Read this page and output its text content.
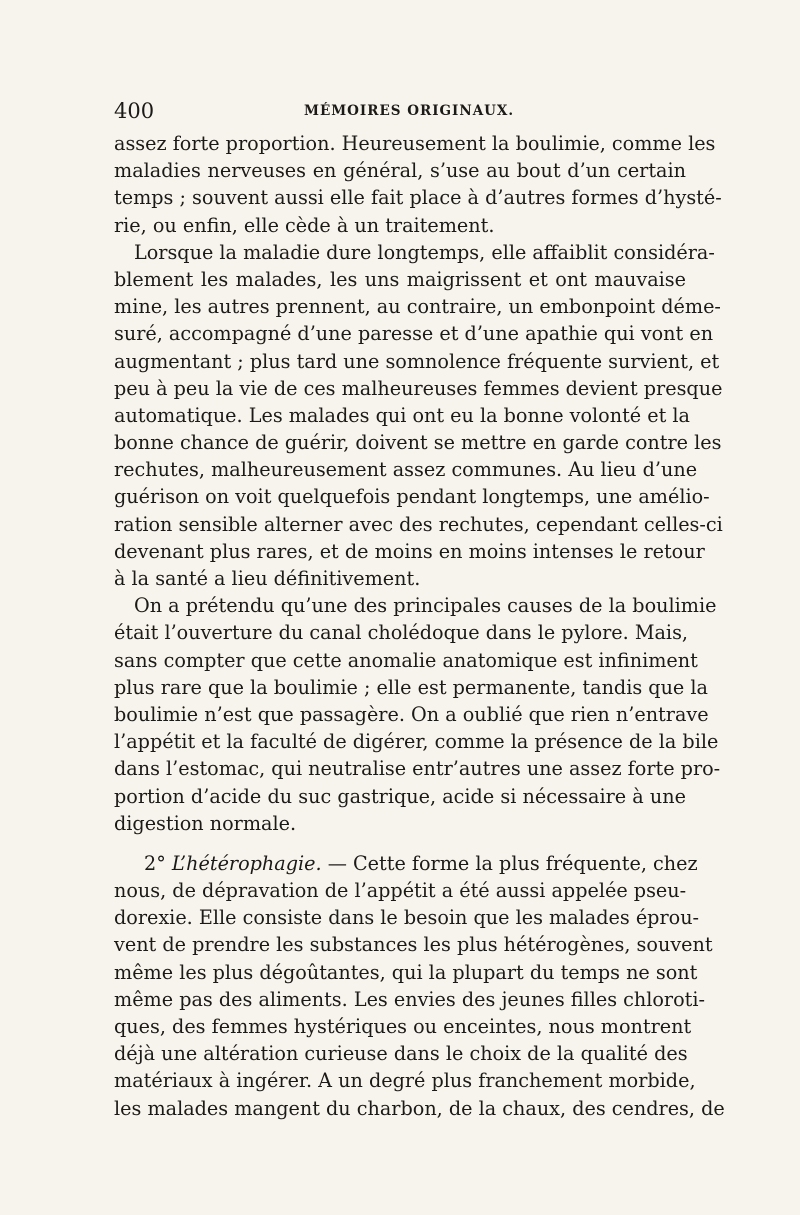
400	MÉMOIRES ORIGINAUX.
assez forte proportion. Heureusement la boulimie, comme les
maladies nerveuses en général, s’use au bout d’un certain
temps ; souvent aussi elle fait place à d’autres formes d’hysté-
rie, ou enfin, elle cède à un traitement.
Lorsque la maladie dure longtemps, elle affaiblit considéra-
blement les malades, les uns maigrissent et ont mauvaise
mine, les autres prennent, au contraire, un embonpoint déme-
suré, accompagné d’une paresse et d’une apathie qui vont en
augmentant ; plus tard une somnolence fréquente survient, et
peu à peu la vie de ces malheureuses femmes devient presque
automatique. Les malades qui ont eu la bonne volonté et la
bonne chance de guérir, doivent se mettre en garde contre les
rechutes, malheureusement assez communes. Au lieu d’une
guérison on voit quelquefois pendant longtemps, une amélio-
ration sensible alterner avec des rechutes, cependant celles-ci
devenant plus rares, et de moins en moins intenses le retour
à la santé a lieu définitivement.
On a prétendu qu’une des principales causes de la boulimie
était l’ouverture du canal cholédoque dans le pylore. Mais,
sans compter que cette anomalie anatomique est infiniment
plus rare que la boulimie ; elle est permanente, tandis que la
boulimie n’est que passagère. On a oublié que rien n’entrave
l’appétit et la faculté de digérer, comme la présence de la bile
dans l’estomac, qui neutralise entr’autres une assez forte pro-
portion d’acide du suc gastrique, acide si nécessaire à une
digestion normale.
2° L’hétérophagie. — Cette forme la plus fréquente, chez
nous, de dépravation de l’appétit a été aussi appelée pseu-
dorexie. Elle consiste dans le besoin que les malades éprou-
vent de prendre les substances les plus hétérogènes, souvent
même les plus dégoûtantes, qui la plupart du temps ne sont
même pas des aliments. Les envies des jeunes filles chloroti-
ques, des femmes hystériques ou enceintes, nous montrent
déjà une altération curieuse dans le choix de la qualité des
matériaux à ingérer. A un degré plus franchement morbide,
les malades mangent du charbon, de la chaux, des cendres, de
